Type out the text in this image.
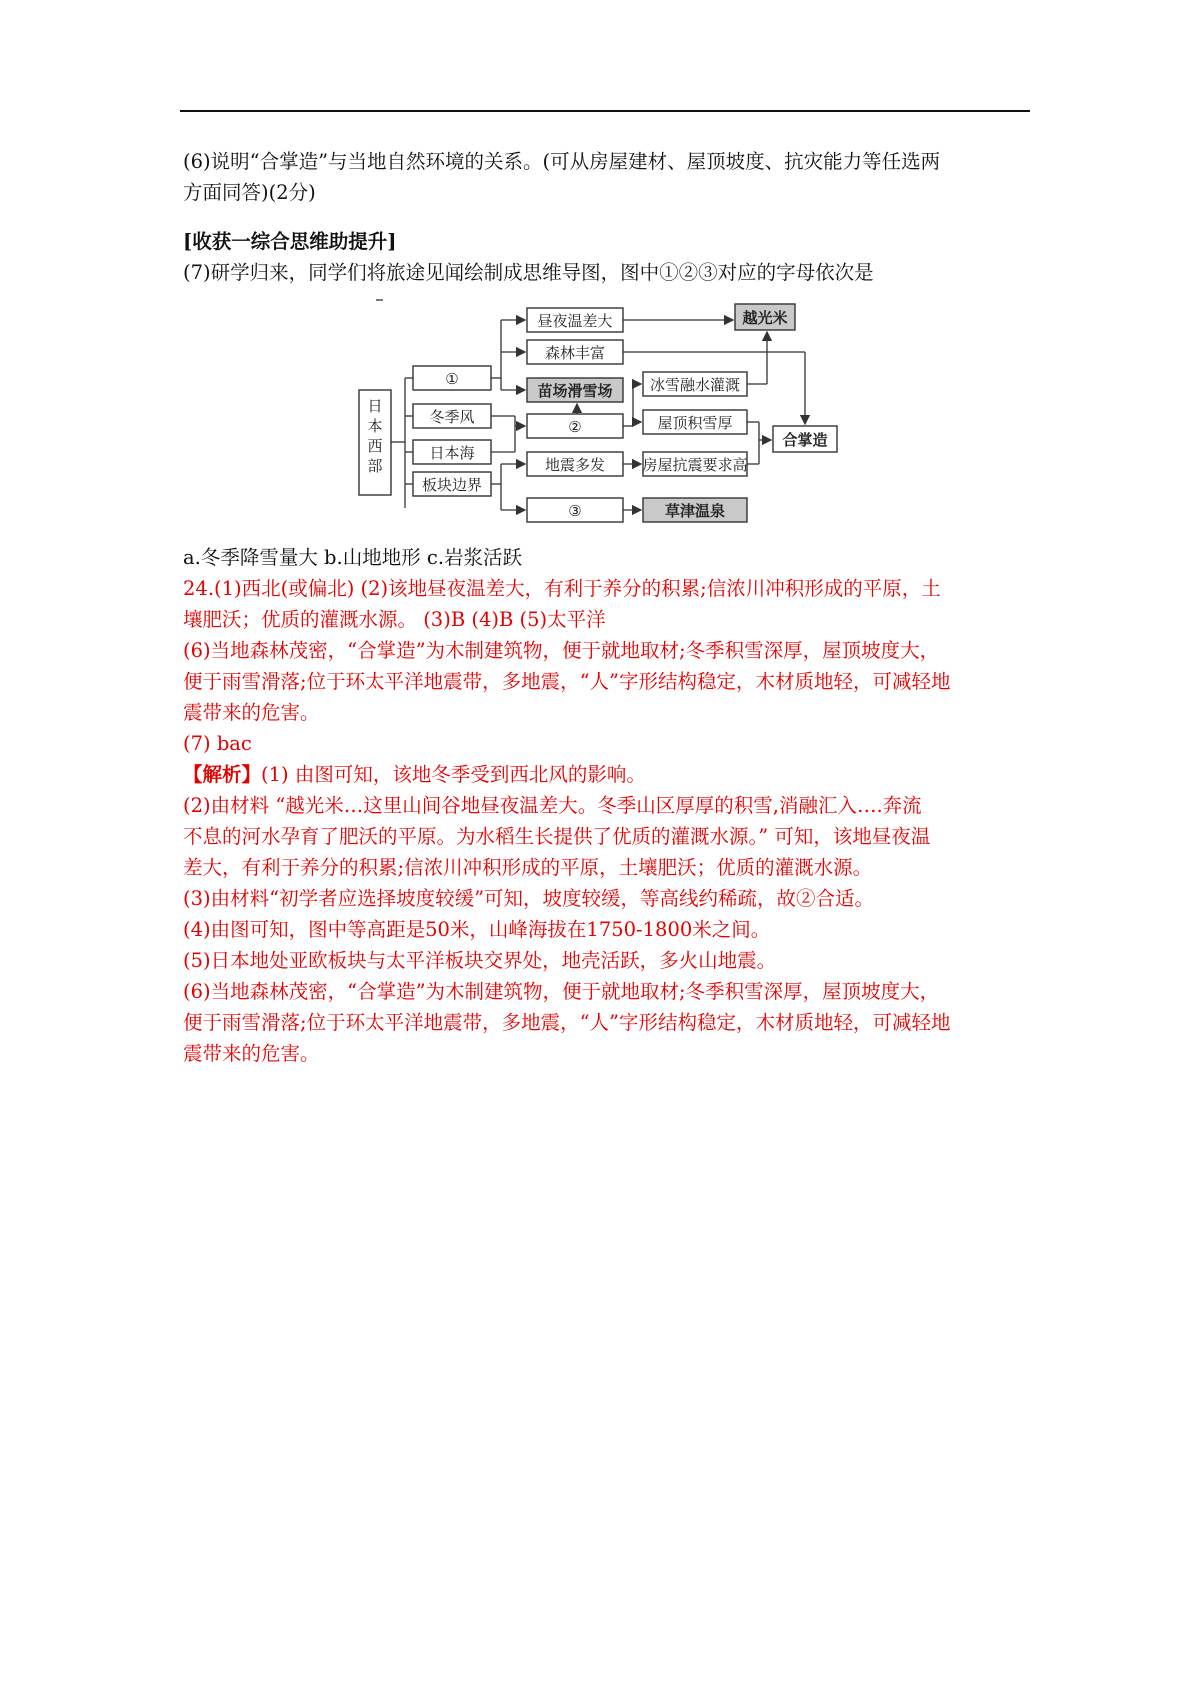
(6)说明“合掌造”与当地自然环境的关系。(可从房屋建材、屋顶坡度、抗灾能力等任选两
方面同答)(2分)
[收获一综合思维助提升]
(7)研学归来，同学们将旅途见闻绘制成思维导图，图中①②③对应的字母依次是
日
本
西
部
①
冬季风
日本海
板块边界
昼夜温差大
森林丰富
苗场滑雪场
②
地震多发
③
冰雪融水灌溉
屋顶积雪厚
房屋抗震要求高
草津温泉
越光米
合掌造
a.冬季降雪量大 b.山地地形 c.岩浆活跃
24.(1)西北(或偏北) (2)该地昼夜温差大，有利于养分的积累;信浓川冲积形成的平原，土
壤肥沃；优质的灌溉水源。 (3)B (4)B (5)太平洋
(6)当地森林茂密，“合掌造”为木制建筑物，便于就地取材;冬季积雪深厚，屋顶坡度大，
便于雨雪滑落;位于环太平洋地震带，多地震，“人”字形结构稳定，木材质地轻，可减轻地
震带来的危害。
(7) bac
【解析】(1) 由图可知，该地冬季受到西北风的影响。
(2)由材料 “越光米…这里山间谷地昼夜温差大。冬季山区厚厚的积雪,消融汇入….奔流
不息的河水孕育了肥沃的平原。为水稻生长提供了优质的灌溉水源。” 可知，该地昼夜温
差大，有利于养分的积累;信浓川冲积形成的平原，土壤肥沃；优质的灌溉水源。
(3)由材料“初学者应选择坡度较缓”可知，坡度较缓，等高线约稀疏，故②合适。
(4)由图可知，图中等高距是50米，山峰海拔在1750-1800米之间。
(5)日本地处亚欧板块与太平洋板块交界处，地壳活跃，多火山地震。
(6)当地森林茂密，“合掌造”为木制建筑物，便于就地取材;冬季积雪深厚，屋顶坡度大，
便于雨雪滑落;位于环太平洋地震带，多地震，“人”字形结构稳定，木材质地轻，可减轻地
震带来的危害。
